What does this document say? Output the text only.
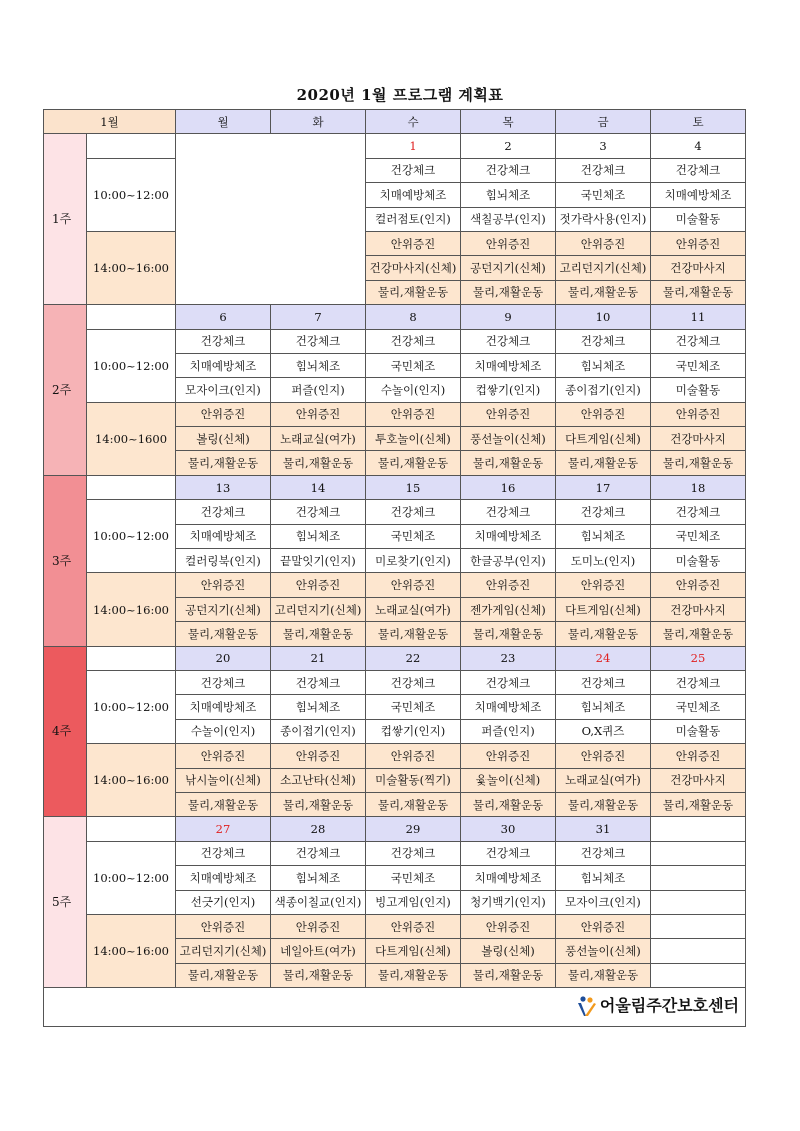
2020년 1월 프로그램 계획표
1월		월	화	수	목	금	토
1주				1	2	3	4
	10:00~12:00			건강체크	건강체크	건강체크	건강체크
				치매예방체조	힘뇌체조	국민체조	치매예방체조
				컬러점토(인지)	색칠공부(인지)	젓가락사용(인지)	미술활동
	14:00~16:00			안위증진	안위증진	안위증진	안위증진
				건강마사지(신체)	공던지기(신체)	고리던지기(신체)	건강마사지
				물리,재활운동	물리,재활운동	물리,재활운동	물리,재활운동
2주		6	7	8	9	10	11
	10:00~12:00	건강체크	건강체크	건강체크	건강체크	건강체크	건강체크
		치매예방체조	힘뇌체조	국민체조	치매예방체조	힘뇌체조	국민체조
		모자이크(인지)	퍼즐(인지)	수놀이(인지)	컵쌓기(인지)	종이접기(인지)	미술활동
	14:00~1600	안위증진	안위증진	안위증진	안위증진	안위증진	안위증진
		볼링(신체)	노래교실(여가)	투호놀이(신체)	풍선놀이(신체)	다트게임(신체)	건강마사지
		물리,재활운동	물리,재활운동	물리,재활운동	물리,재활운동	물리,재활운동	물리,재활운동
3주		13	14	15	16	17	18
	10:00~12:00	건강체크	건강체크	건강체크	건강체크	건강체크	건강체크
		치매예방체조	힘뇌체조	국민체조	치매예방체조	힘뇌체조	국민체조
		컬러링북(인지)	끝말잇기(인지)	미로찾기(인지)	한글공부(인지)	도미노(인지)	미술활동
	14:00~16:00	안위증진	안위증진	안위증진	안위증진	안위증진	안위증진
		공던지기(신체)	고리던지기(신체)	노래교실(여가)	젠가게임(신체)	다트게임(신체)	건강마사지
		물리,재활운동	물리,재활운동	물리,재활운동	물리,재활운동	물리,재활운동	물리,재활운동
4주		20	21	22	23	24	25
	10:00~12:00	건강체크	건강체크	건강체크	건강체크	건강체크	건강체크
		치매예방체조	힘뇌체조	국민체조	치매예방체조	힘뇌체조	국민체조
		수놀이(인지)	종이접기(인지)	컵쌓기(인지)	퍼즐(인지)	O,X퀴즈	미술활동
	14:00~16:00	안위증진	안위증진	안위증진	안위증진	안위증진	안위증진
		낚시놀이(신체)	소고난타(신체)	미술활동(찍기)	윷놀이(신체)	노래교실(여가)	건강마사지
		물리,재활운동	물리,재활운동	물리,재활운동	물리,재활운동	물리,재활운동	물리,재활운동
5주		27	28	29	30	31	
	10:00~12:00	건강체크	건강체크	건강체크	건강체크	건강체크	
		치매예방체조	힘뇌체조	국민체조	치매예방체조	힘뇌체조	
		선긋기(인지)	색종이칠교(인지)	빙고게임(인지)	청기백기(인지)	모자이크(인지)	
	14:00~16:00	안위증진	안위증진	안위증진	안위증진	안위증진	
		고리던지기(신체)	네일아트(여가)	다트게임(신체)	볼링(신체)	풍선놀이(신체)	
		물리,재활운동	물리,재활운동	물리,재활운동	물리,재활운동	물리,재활운동	

어울림주간보호센터							
